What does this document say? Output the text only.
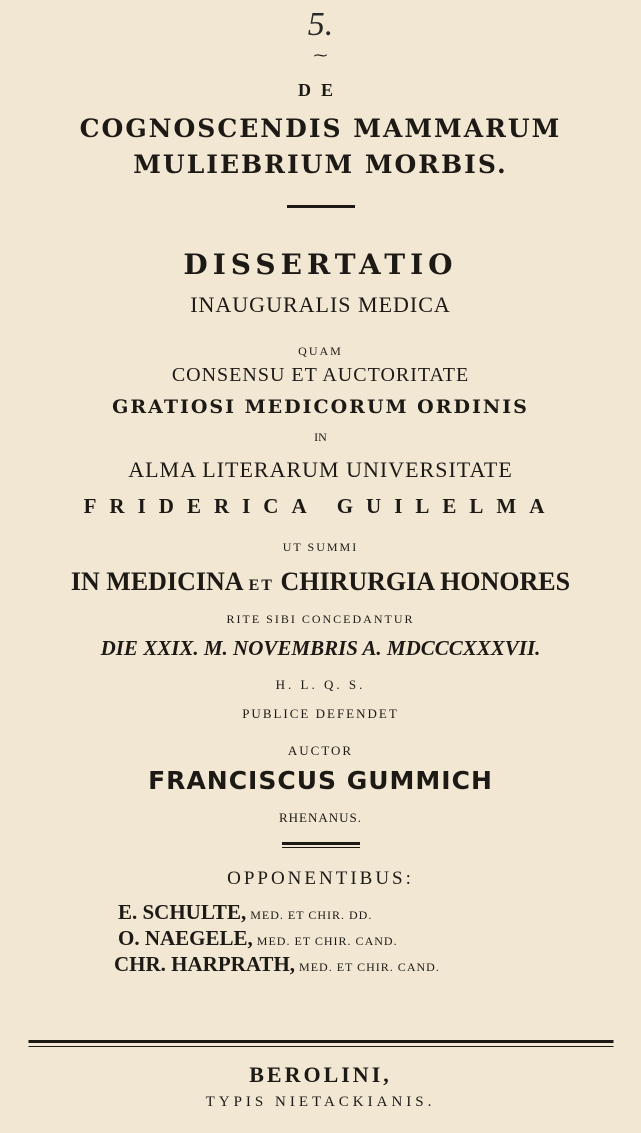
5.
⁓
DE
COGNOSCENDIS MAMMARUM
MULIEBRIUM MORBIS.
DISSERTATIO
INAUGURALIS MEDICA
QUAM
CONSENSU ET AUCTORITATE
GRATIOSI MEDICORUM ORDINIS
IN
ALMA LITERARUM UNIVERSITATE
FRIDERICA GUILELMA
UT SUMMI
IN MEDICINA ET CHIRURGIA HONORES
RITE SIBI CONCEDANTUR
DIE XXIX. M. NOVEMBRIS A. MDCCCXXXVII.
H. L. Q. S.
PUBLICE DEFENDET
AUCTOR
FRANCISCUS GUMMICH
RHENANUS.
OPPONENTIBUS:
E. SCHULTE, MED. ET CHIR. DD.
O. NAEGELE, MED. ET CHIR. CAND.
CHR. HARPRATH, MED. ET CHIR. CAND.
BEROLINI,
TYPIS NIETACKIANIS.
